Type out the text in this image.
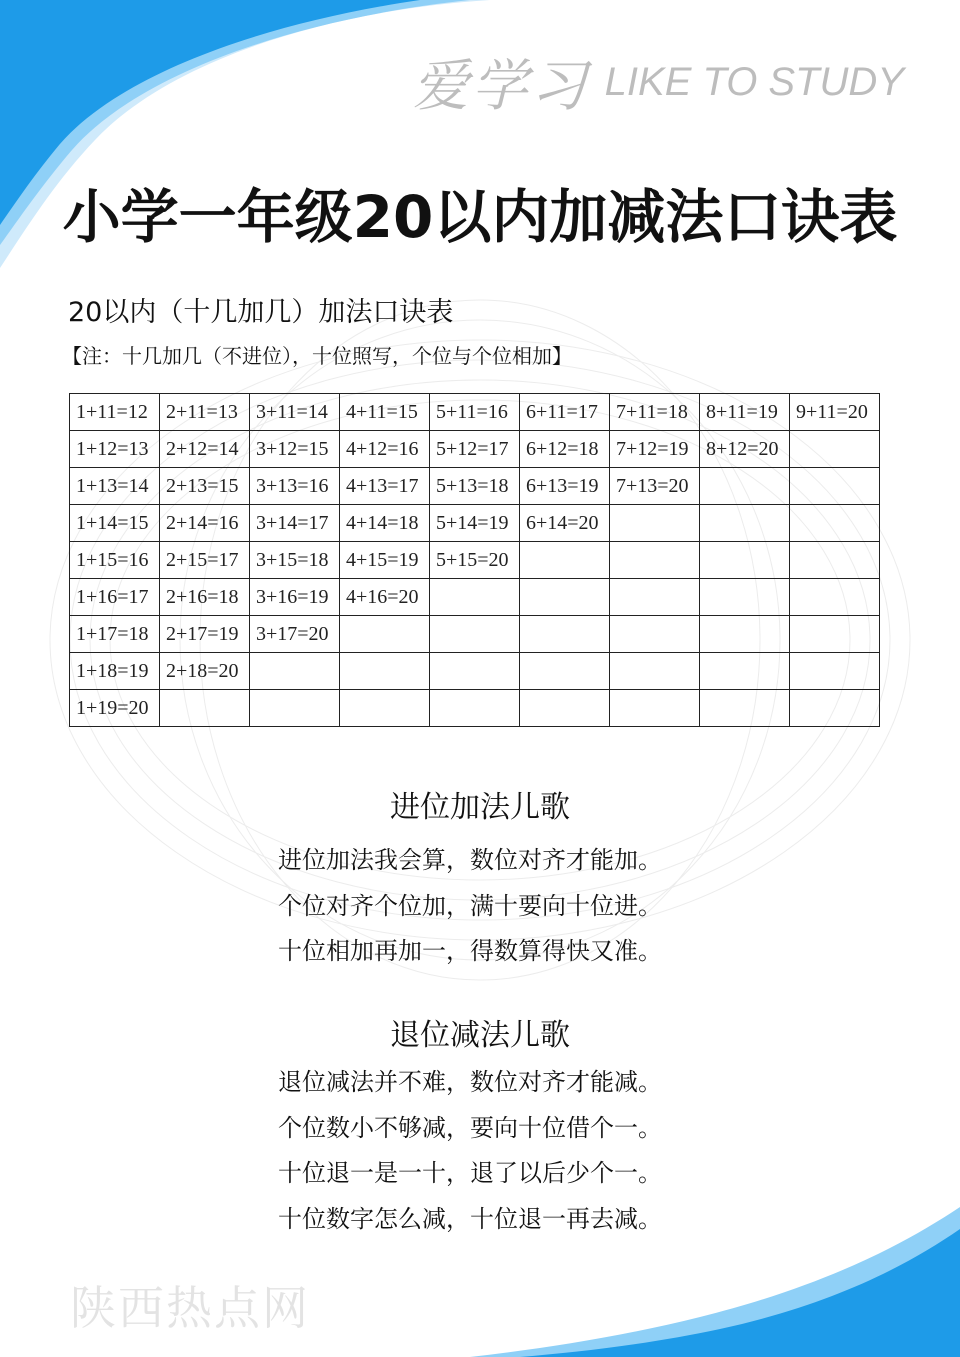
爱学习 LIKE TO STUDY
小学一年级20以内加减法口诀表
20以内（十几加几）加法口诀表
【注：十几加几（不进位），十位照写，个位与个位相加】
1+11=12	2+11=13	3+11=14	4+11=15	5+11=16	6+11=17	7+11=18	8+11=19	9+11=20
1+12=13	2+12=14	3+12=15	4+12=16	5+12=17	6+12=18	7+12=19	8+12=20	
1+13=14	2+13=15	3+13=16	4+13=17	5+13=18	6+13=19	7+13=20		
1+14=15	2+14=16	3+14=17	4+14=18	5+14=19	6+14=20			
1+15=16	2+15=17	3+15=18	4+15=19	5+15=20				
1+16=17	2+16=18	3+16=19	4+16=20					
1+17=18	2+17=19	3+17=20						
1+18=19	2+18=20							
1+19=20								
进位加法儿歌
进位加法我会算，数位对齐才能加。
个位对齐个位加，满十要向十位进。
十位相加再加一，得数算得快又准。
退位减法儿歌
退位减法并不难，数位对齐才能减。
个位数小不够减，要向十位借个一。
十位退一是一十，退了以后少个一。
十位数字怎么减，十位退一再去减。
陕西热点网
